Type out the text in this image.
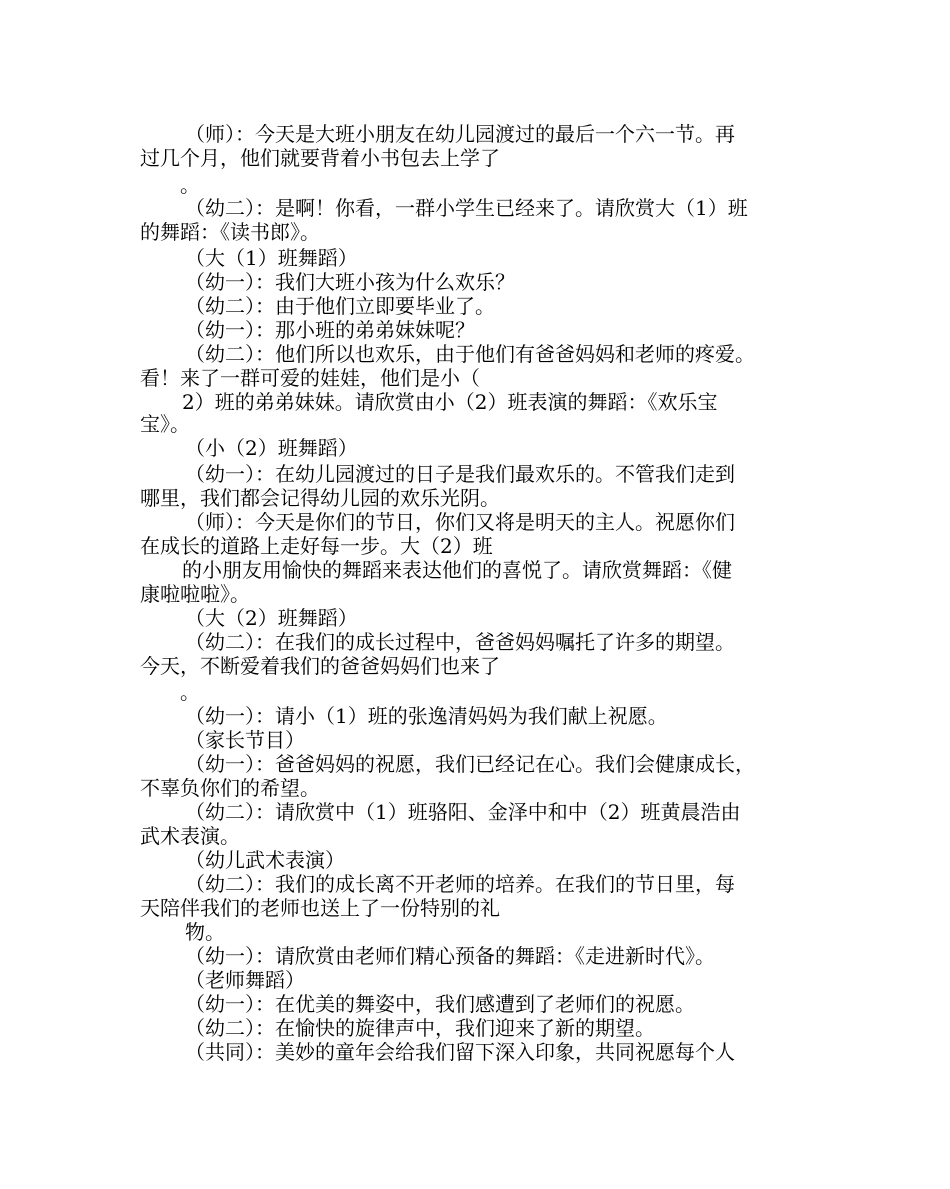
（师）：今天是大班小朋友在幼儿园渡过的最后一个六一节。再
过几个月，他们就要背着小书包去上学了
。
（幼二）：是啊！你看，一群小学生已经来了。请欣赏大（1）班
的舞蹈：《读书郎》。
（大（1）班舞蹈）
（幼一）：我们大班小孩为什么欢乐？
（幼二）：由于他们立即要毕业了。
（幼一）：那小班的弟弟妹妹呢？
（幼二）：他们所以也欢乐，由于他们有爸爸妈妈和老师的疼爱。
看！来了一群可爱的娃娃，他们是小（
2）班的弟弟妹妹。请欣赏由小（2）班表演的舞蹈：《欢乐宝
宝》。
（小（2）班舞蹈）
（幼一）：在幼儿园渡过的日子是我们最欢乐的。不管我们走到
哪里，我们都会记得幼儿园的欢乐光阴。
（师）：今天是你们的节日，你们又将是明天的主人。祝愿你们
在成长的道路上走好每一步。大（2）班
的小朋友用愉快的舞蹈来表达他们的喜悦了。请欣赏舞蹈：《健
康啦啦啦》。
（大（2）班舞蹈）
（幼二）：在我们的成长过程中，爸爸妈妈嘱托了许多的期望。
今天，不断爱着我们的爸爸妈妈们也来了
。
（幼一）：请小（1）班的张逸清妈妈为我们献上祝愿。
（家长节目）
（幼一）：爸爸妈妈的祝愿，我们已经记在心。我们会健康成长，
不辜负你们的希望。
（幼二）：请欣赏中（1）班骆阳、金泽中和中（2）班黄晨浩由
武术表演。
（幼儿武术表演）
（幼二）：我们的成长离不开老师的培养。在我们的节日里，每
天陪伴我们的老师也送上了一份特别的礼
物。
（幼一）：请欣赏由老师们精心预备的舞蹈：《走进新时代》。
（老师舞蹈）
（幼一）：在优美的舞姿中，我们感遭到了老师们的祝愿。
（幼二）：在愉快的旋律声中，我们迎来了新的期望。
（共同）：美妙的童年会给我们留下深入印象，共同祝愿每个人
